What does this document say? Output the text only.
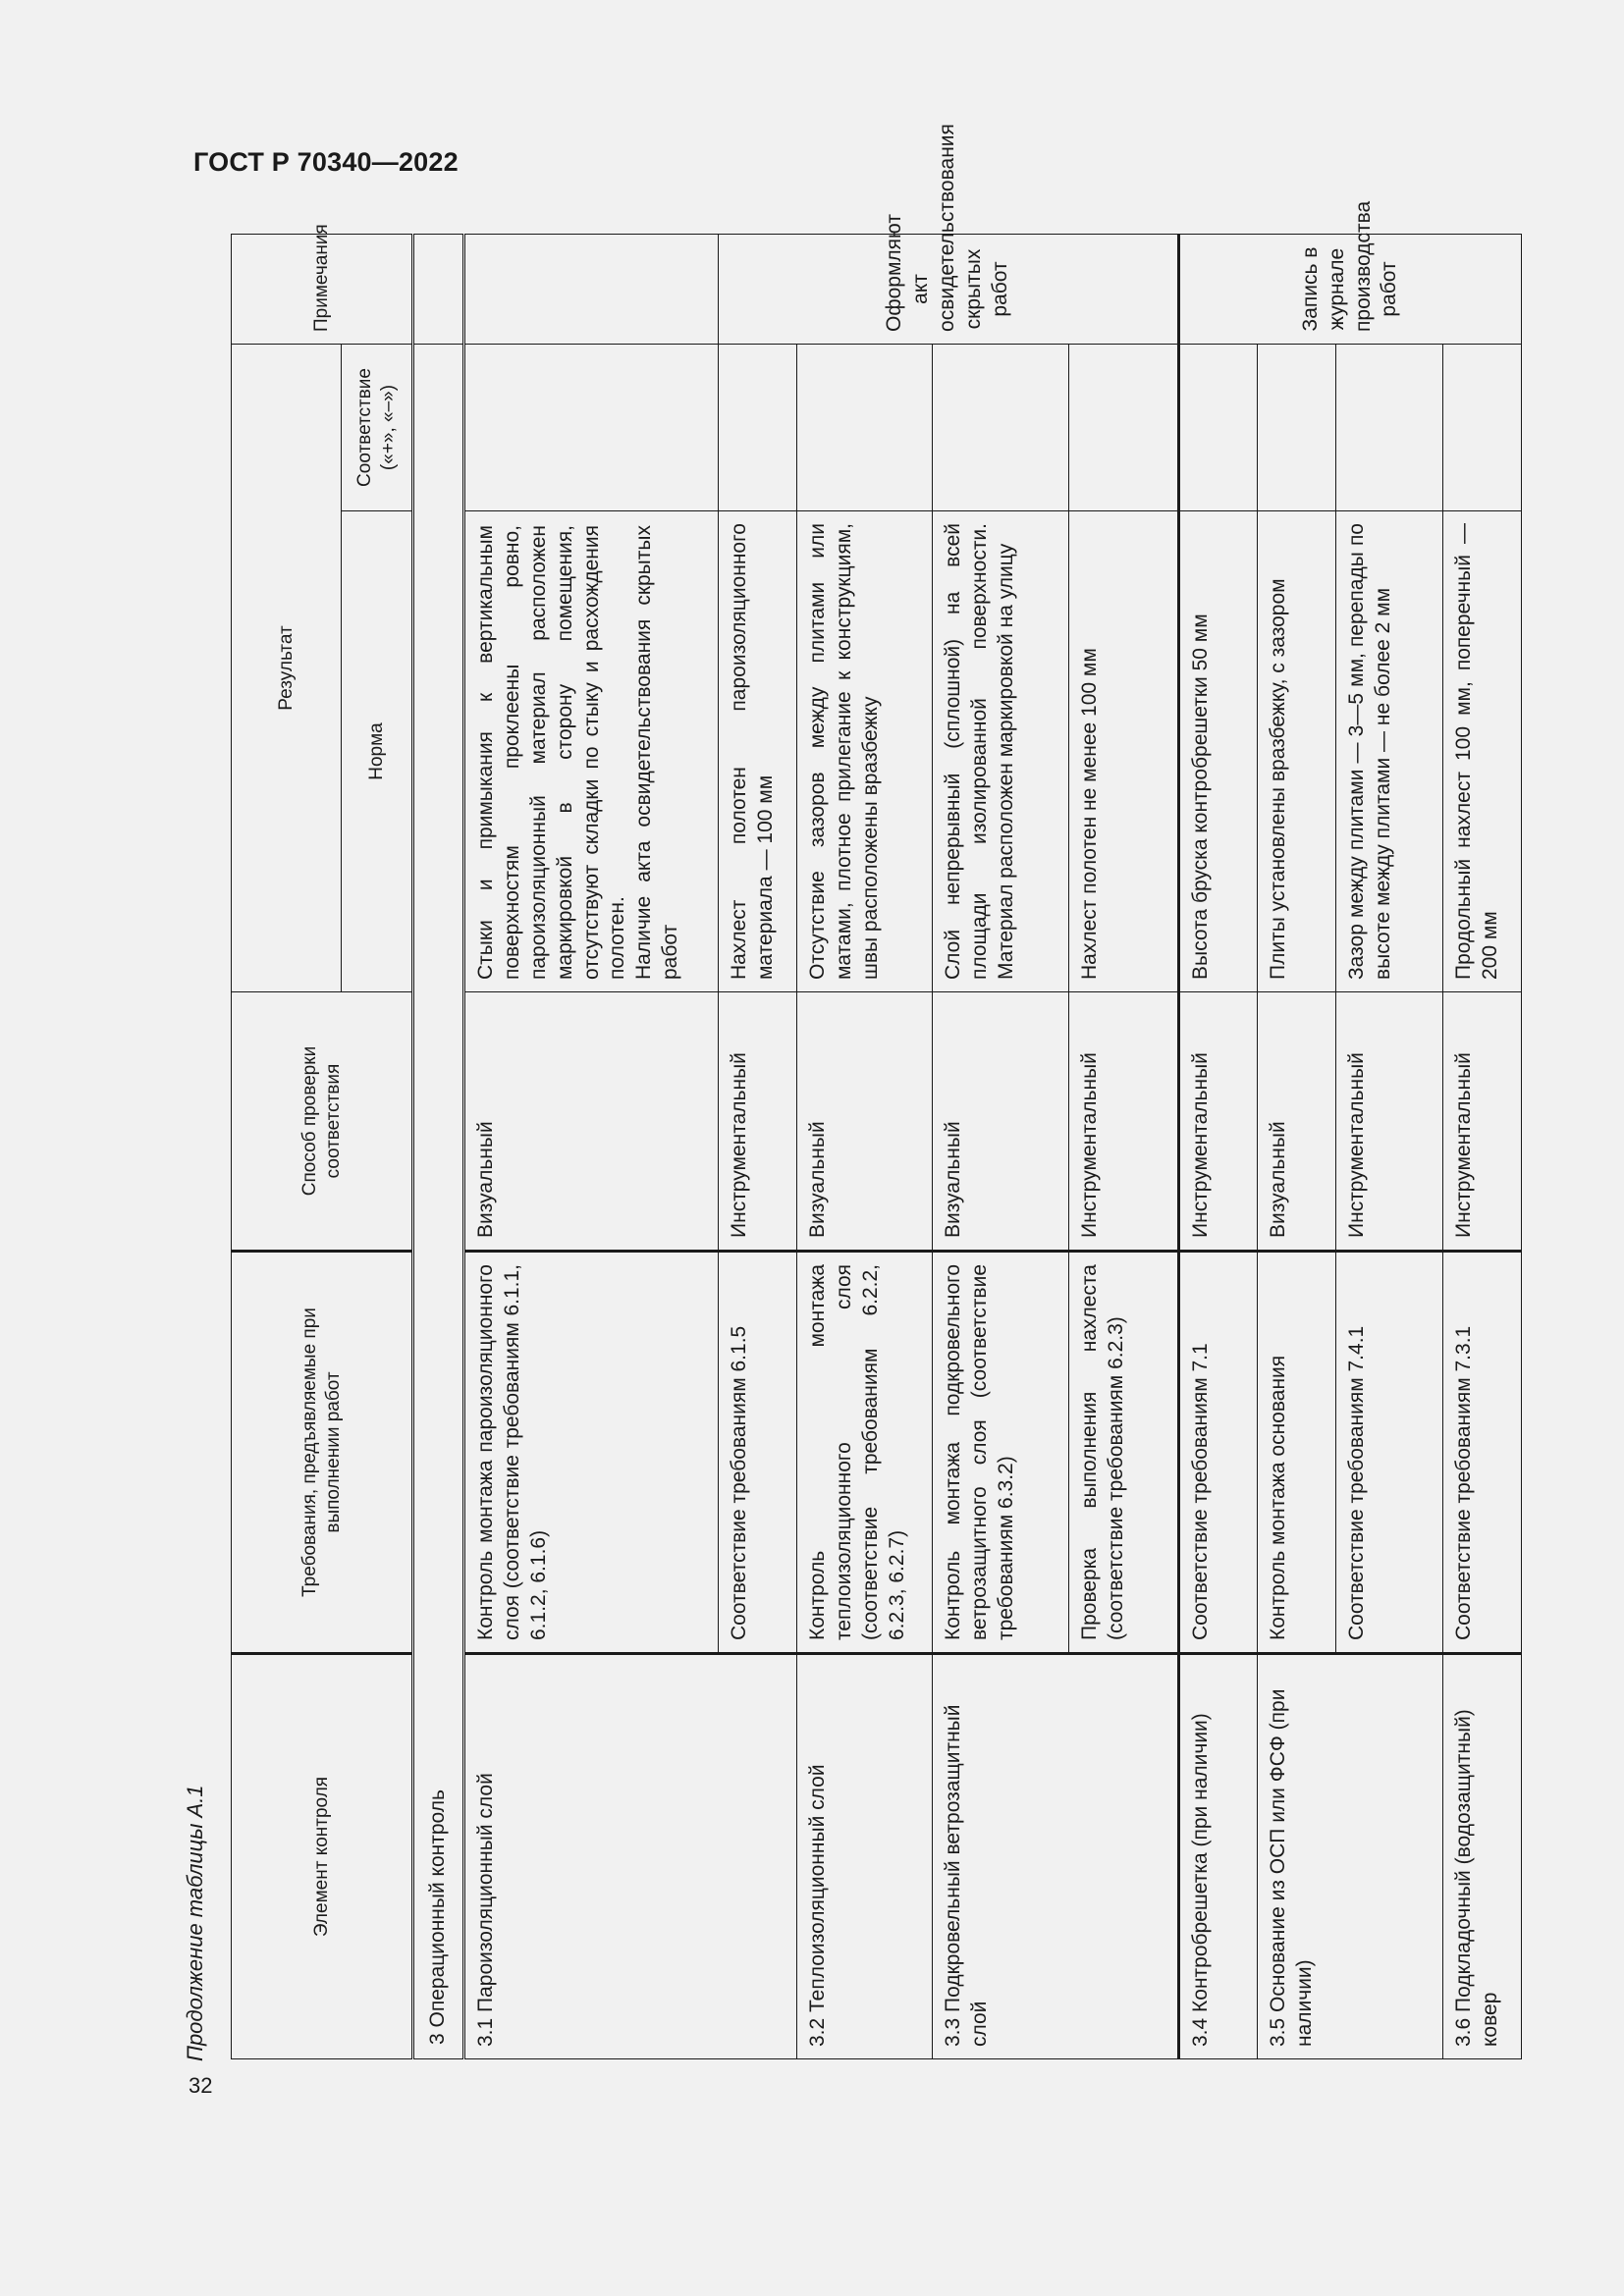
ГОСТ Р 70340—2022
Продолжение таблицы А.1
32
Элемент контроля	Требования, предъявляемые при выполнении работ	Способ проверки соответствия	Результат		Примечания
			Норма	Соответствие («+», «–»)	
3 Операционный контроль					
3.1 Пароизоляционный слой	Контроль монтажа пароизоляционного слоя (соответствие требованиям 6.1.1, 6.1.2, 6.1.6)	Визуальный	Стыки и примыкания к вертикальным поверхностям проклеены ровно, пароизоляционный материал расположен маркировкой в сторону помещения, отсутствуют складки по стыку и расхождения полотен. Наличие акта освидетельствования скрытых работ		

	Соответствие требованиям 6.1.5	Инструментальный	Нахлест полотен пароизоляционного материала — 100 мм		Оформляют акт освидетельствования скрытых работ
3.2 Теплоизоляционный слой	Контроль монтажа теплоизоляционного слоя (соответствие требованиям 6.2.2, 6.2.3, 6.2.7)	Визуальный	Отсутствие зазоров между плитами или матами, плотное прилегание к конструкциям, швы расположены вразбежку		
3.3 Подкровельный ветрозащитный слой	Контроль монтажа подкровельного ветрозащитного слоя (соответствие требованиям 6.3.2)	Визуальный	Слой непрерывный (сплошной) на всей площади изолированной поверхности. Материал расположен маркировкой на улицу		
	Проверка выполнения нахлеста (соответствие требованиям 6.2.3)	Инструментальный	Нахлест полотен не менее 100 мм		
3.4 Контробрешетка (при наличии)	Соответствие требованиям 7.1	Инструментальный	Высота бруска контробрешетки 50 мм		Запись в журнале производства работ
3.5 Основание из ОСП или ФСФ (при наличии)	Контроль монтажа основания	Визуальный	Плиты установлены вразбежку, с зазором		
	Соответствие требованиям 7.4.1	Инструментальный	Зазор между плитами — 3—5 мм, перепады по высоте между плитами — не более 2 мм		
3.6 Подкладочный (водозащитный) ковер	Соответствие требованиям 7.3.1	Инструментальный	Продольный нахлест 100 мм, поперечный — 200 мм		
